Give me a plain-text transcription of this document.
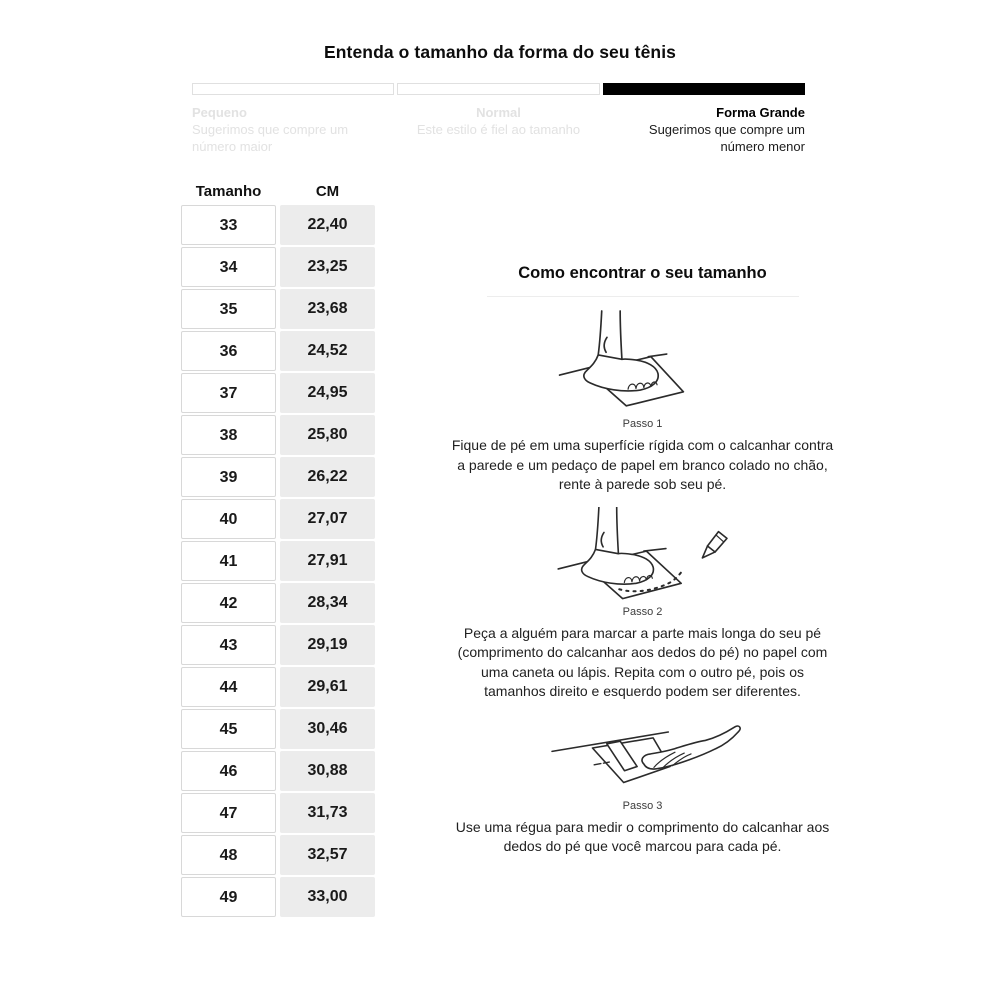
Entenda o tamanho da forma do seu tênis
Pequeno
Sugerimos que compre um número maior
Normal
Este estilo é fiel ao tamanho
Forma Grande
Sugerimos que compre um número menor
Tamanho	CM
33	22,40
34	23,25
35	23,68
36	24,52
37	24,95
38	25,80
39	26,22
40	27,07
41	27,91
42	28,34
43	29,19
44	29,61
45	30,46
46	30,88
47	31,73
48	32,57
49	33,00
Como encontrar o seu tamanho
Passo 1
Fique de pé em uma superfície rígida com o calcanhar contra a parede e um pedaço de papel em branco colado no chão, rente à parede sob seu pé.
Passo 2
Peça a alguém para marcar a parte mais longa do seu pé (comprimento do calcanhar aos dedos do pé) no papel com uma caneta ou lápis. Repita com o outro pé, pois os tamanhos direito e esquerdo podem ser diferentes.
Passo 3
Use uma régua para medir o comprimento do calcanhar aos dedos do pé que você marcou para cada pé.
